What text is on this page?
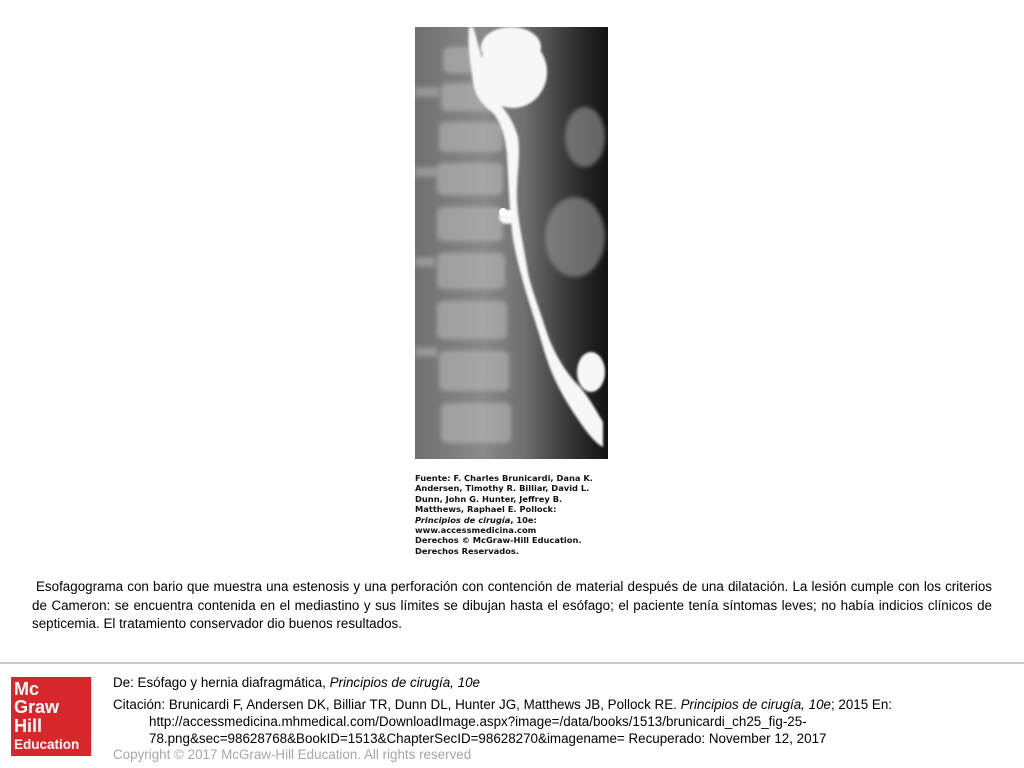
Fuente: F. Charles Brunicardi, Dana K.
Andersen, Timothy R. Billiar, David L.
Dunn, John G. Hunter, Jeffrey B.
Matthews, Raphael E. Pollock:
Principios de cirugía, 10e:
www.accessmedicina.com
Derechos © McGraw-Hill Education.
Derechos Reservados.
Esofagograma con bario que muestra una estenosis y una perforación con contención de material después de una dilatación. La lesión cumple con los criterios de Cameron: se encuentra contenida en el mediastino y sus límites se dibujan hasta el esófago; el paciente tenía síntomas leves; no había indicios clínicos de septicemia. El tratamiento conservador dio buenos resultados.
Mc
Graw
Hill
Education
De: Esófago y hernia diafragmática, Principios de cirugía, 10e
Citación: Brunicardi F, Andersen DK, Billiar TR, Dunn DL, Hunter JG, Matthews JB, Pollock RE. Principios de cirugía, 10e; 2015 En:
http://accessmedicina.mhmedical.com/DownloadImage.aspx?image=/data/books/1513/brunicardi_ch25_fig-25-78.png&sec=98628768&BookID=1513&ChapterSecID=98628270&imagename= Recuperado: November 12, 2017
Copyright © 2017 McGraw-Hill Education. All rights reserved
